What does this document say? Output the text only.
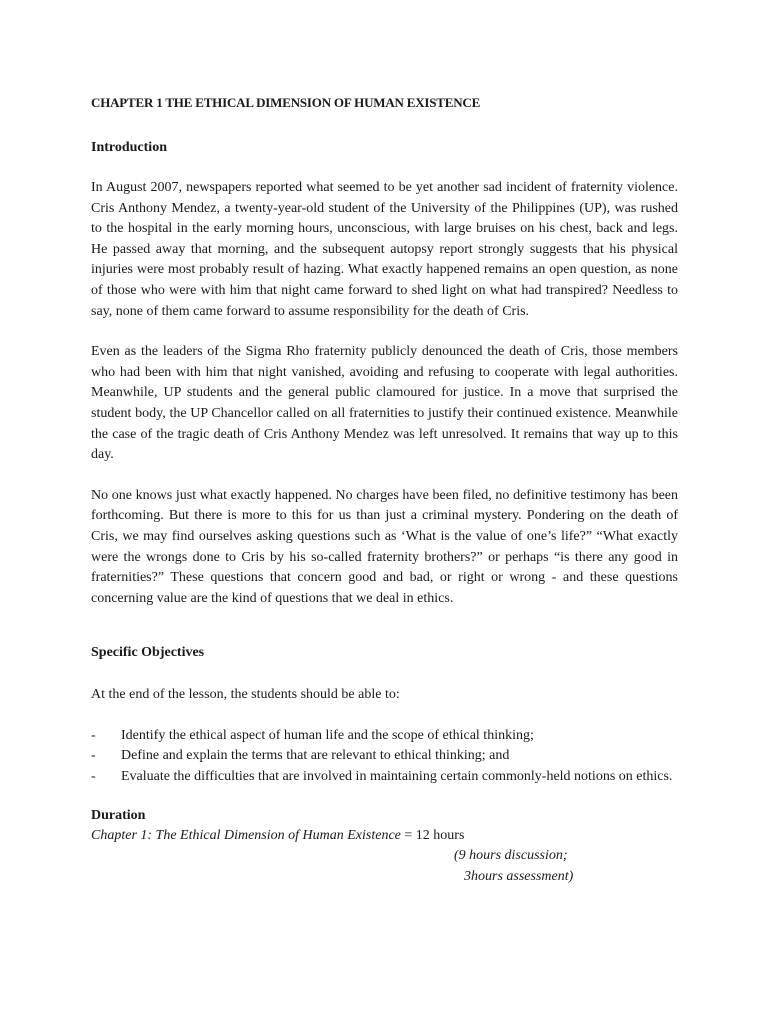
CHAPTER 1 THE ETHICAL DIMENSION OF HUMAN EXISTENCE
Introduction

In August 2007, newspapers reported what seemed to be yet another sad incident of fraternity violence. Cris Anthony Mendez, a twenty-year-old student of the University of the Philippines (UP), was rushed to the hospital in the early morning hours, unconscious, with large bruises on his chest, back and legs. He passed away that morning, and the subsequent autopsy report strongly suggests that his physical injuries were most probably result of hazing. What exactly happened remains an open question, as none of those who were with him that night came forward to shed light on what had transpired? Needless to say, none of them came forward to assume responsibility for the death of Cris.

Even as the leaders of the Sigma Rho fraternity publicly denounced the death of Cris, those members who had been with him that night vanished, avoiding and refusing to cooperate with legal authorities. Meanwhile, UP students and the general public clamoured for justice. In a move that surprised the student body, the UP Chancellor called on all fraternities to justify their continued existence. Meanwhile the case of the tragic death of Cris Anthony Mendez was left unresolved. It remains that way up to this day.

No one knows just what exactly happened. No charges have been filed, no definitive testimony has been forthcoming. But there is more to this for us than just a criminal mystery. Pondering on the death of Cris, we may find ourselves asking questions such as ‘What is the value of one’s life?” “What exactly were the wrongs done to Cris by his so-called fraternity brothers?” or perhaps “is there any good in fraternities?” These questions that concern good and bad, or right or wrong - and these questions concerning value are the kind of questions that we deal in ethics.

Specific Objectives

At the end of the lesson, the students should be able to:

- Identify the ethical aspect of human life and the scope of ethical thinking;
- Define and explain the terms that are relevant to ethical thinking; and
- Evaluate the difficulties that are involved in maintaining certain commonly-held notions on ethics.
Duration

Chapter 1: The Ethical Dimension of Human Existence = 12 hours

(9 hours discussion;

3hours assessment)
